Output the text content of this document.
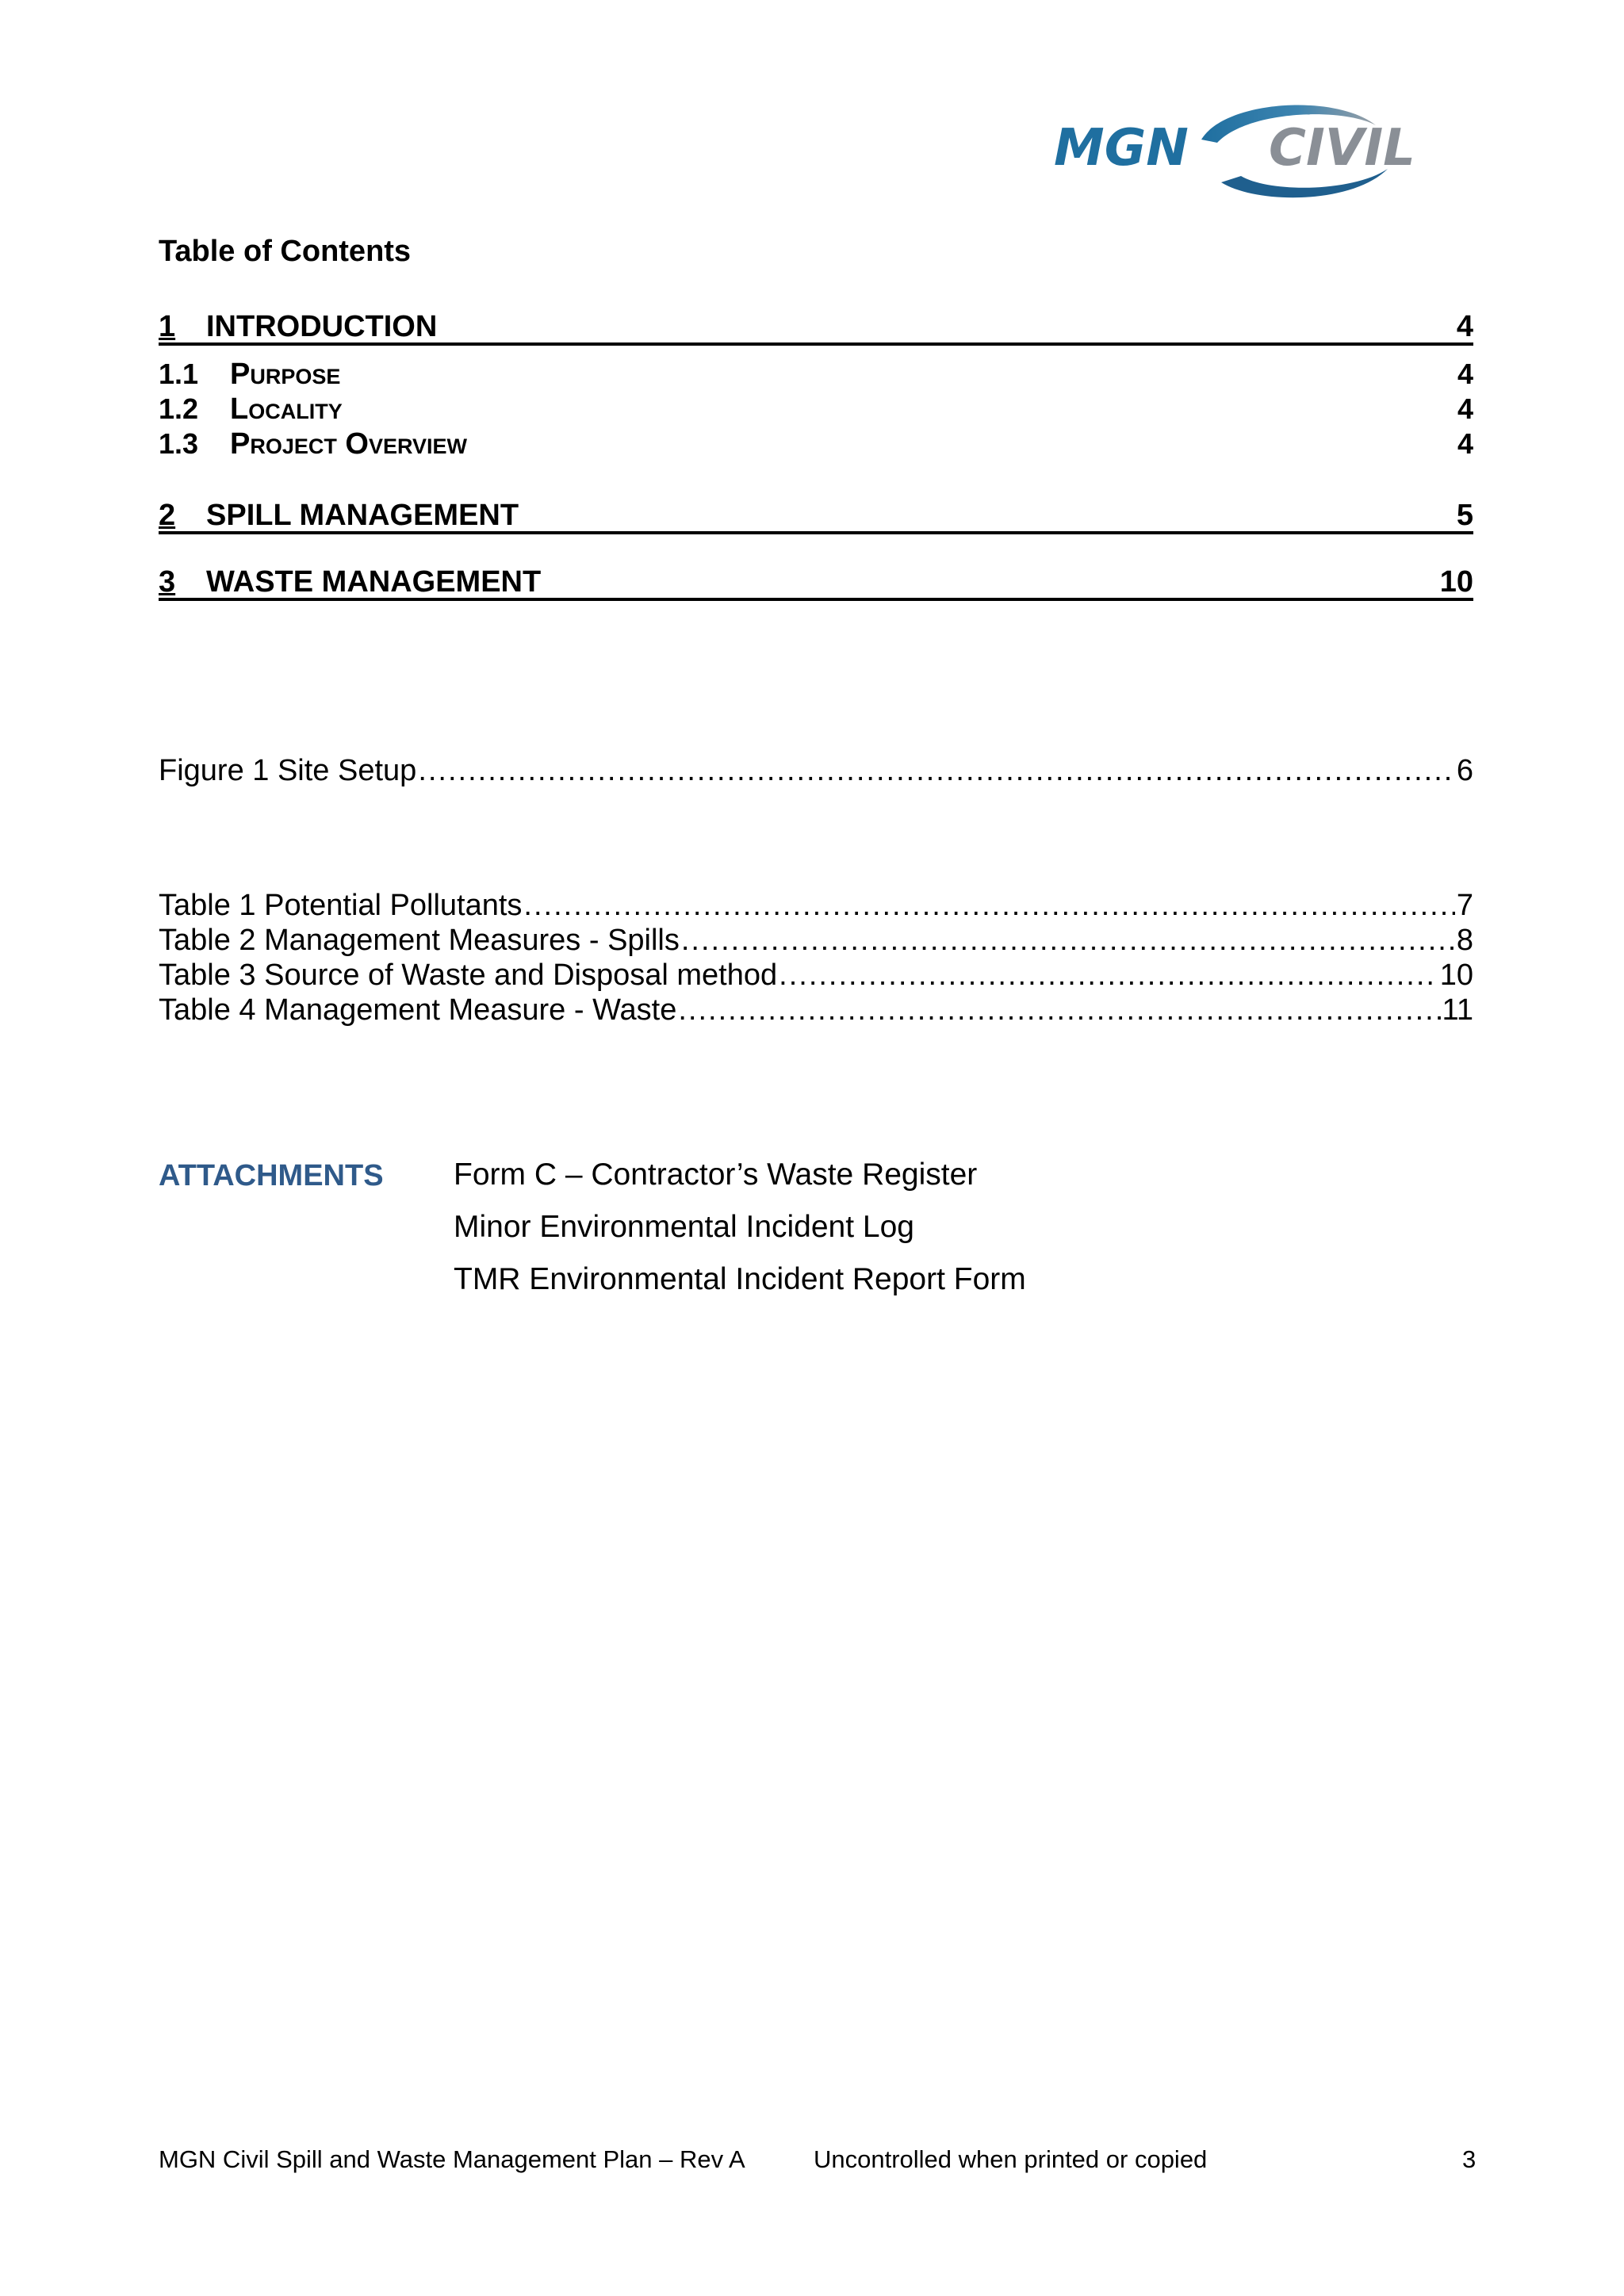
MGN CIVIL
Table of Contents
1 INTRODUCTION	4
1.1 Purpose	4
1.2 Locality	4
1.3 Project Overview	4
2 SPILL MANAGEMENT	5
3 WASTE MANAGEMENT	10
Figure 1 Site Setup .....	6
Table 1 Potential Pollutants .....	7
Table 2 Management Measures - Spills .....	8
Table 3 Source of Waste and Disposal method .....	10
Table 4 Management Measure - Waste .....	11
ATTACHMENTS Form C – Contractor’s Waste Register
Minor Environmental Incident Log
TMR Environmental Incident Report Form
MGN Civil Spill and Waste Management Plan – Rev A	Uncontrolled when printed or copied	3
